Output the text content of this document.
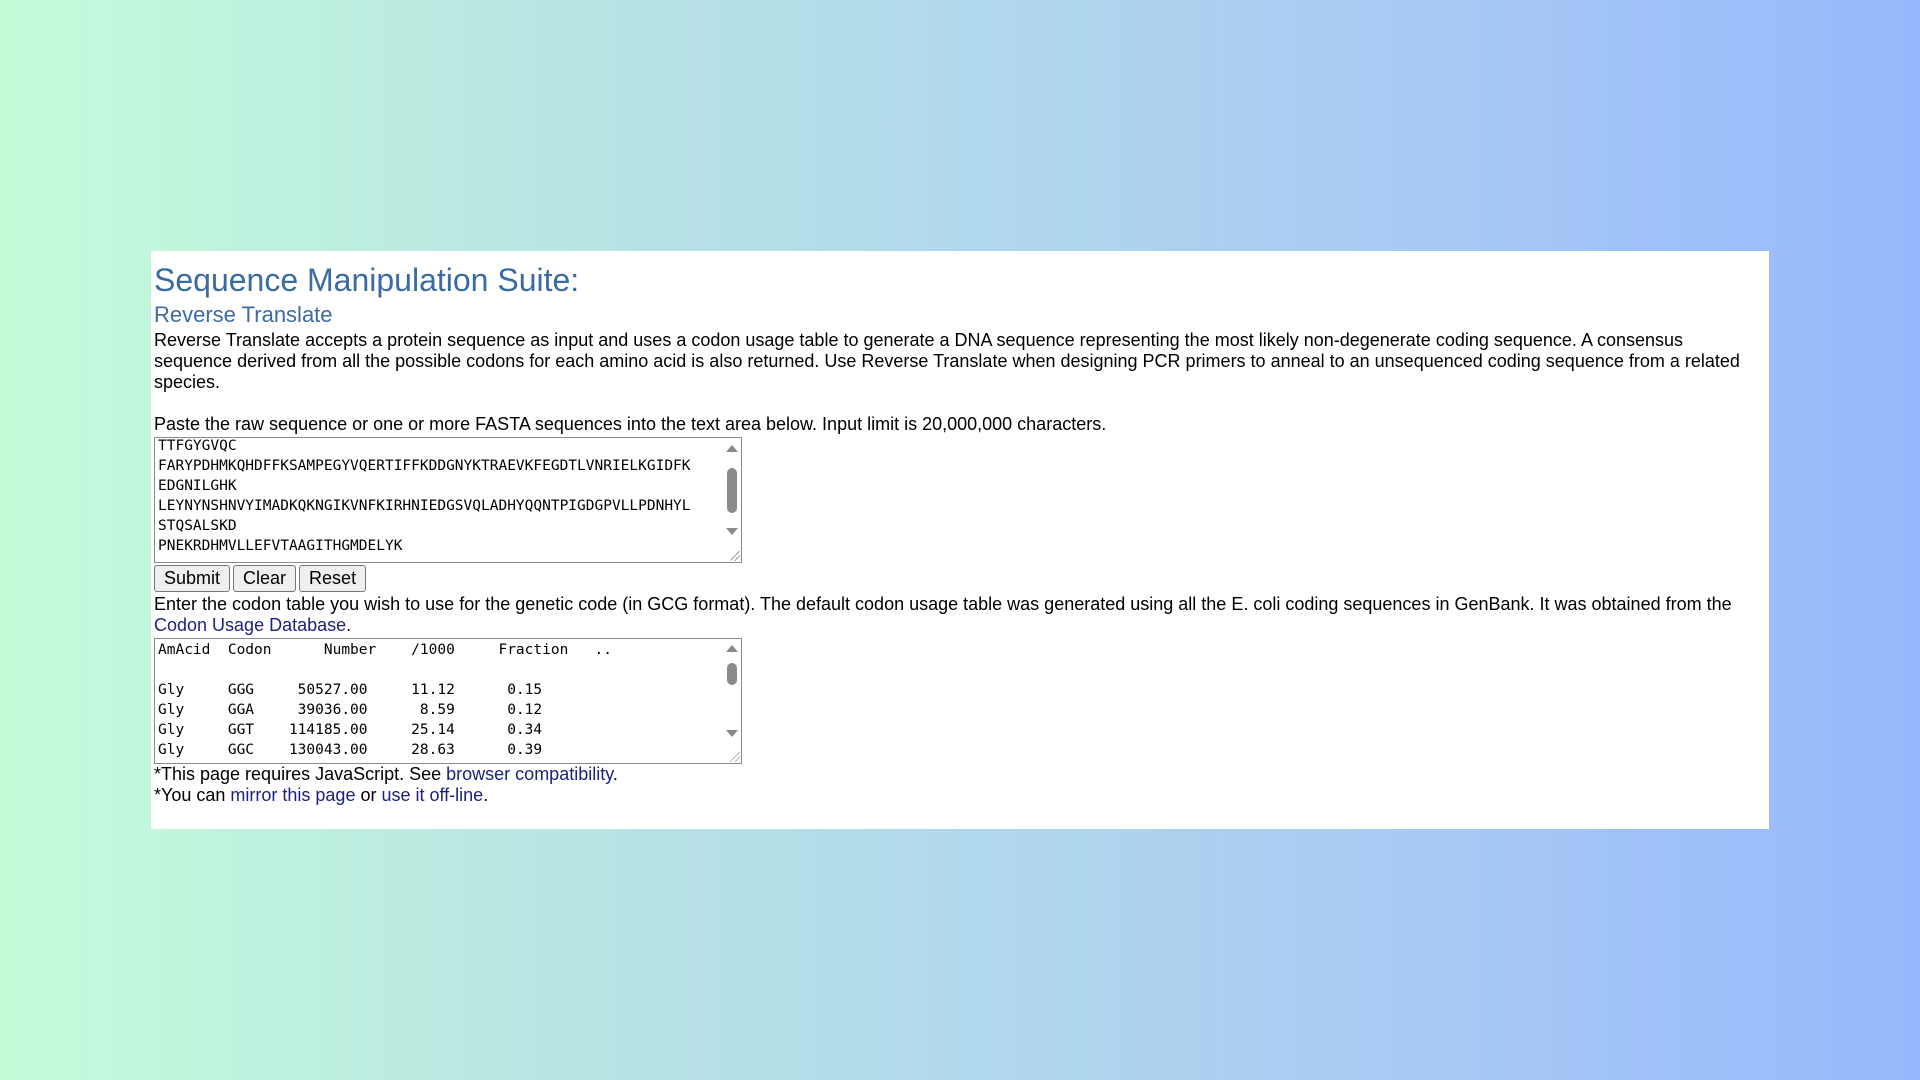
Sequence Manipulation Suite:
Reverse Translate

Reverse Translate accepts a protein sequence as input and uses a codon usage table to generate a DNA sequence representing the most likely non-degenerate coding sequence. A consensus sequence derived from all the possible codons for each amino acid is also returned. Use Reverse Translate when designing PCR primers to anneal to an unsequenced coding sequence from a related species.

Paste the raw sequence or one or more FASTA sequences into the text area below. Input limit is 20,000,000 characters.

TTFGYGVQC
FARYPDHMKQHDFFKSAMPEGYVQERTIFFKDDGNYKTRAEVKFEGDTLVNRIELKGIDFK
EDGNILGHK
LEYNYNSHNVYIMADKQKNGIKVNFKIRHNIEDGSVQLADHYQQNTPIGDGPVLLPDNHYL
STQSALSKD
PNEKRDHMVLLEFVTAAGITHGMDELYK
Submit Clear Reset

Enter the codon table you wish to use for the genetic code (in GCG format). The default codon usage table was generated using all the E. coli coding sequences in GenBank. It was obtained from the Codon Usage Database.

AmAcid  Codon      Number    /1000     Fraction   ..

Gly     GGG     50527.00     11.12      0.15
Gly     GGA     39036.00      8.59      0.12
Gly     GGT    114185.00     25.14      0.34
Gly     GGC    130043.00     28.63      0.39

*This page requires JavaScript. See browser compatibility.

*You can mirror this page or use it off-line.
